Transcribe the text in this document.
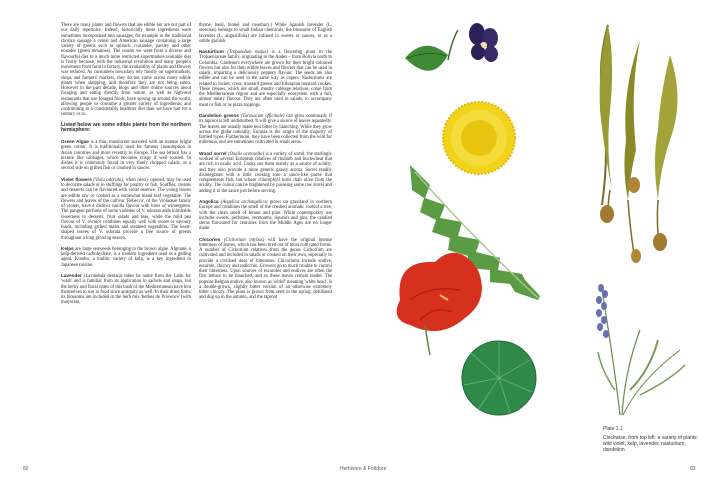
There are many plants and flowers that are edible but are not part of our daily repertoire. Indeed, historically these ingredients were sometimes incorporated into sausages, for example in the traditional chorizo sausage a cereal and American sausage containing a large variety of greens such as spinach, coriander, parsley and other nosodes (green tomatoes). The reason we went from a diverse and flavourful diet to a much more restricted supermarket-available diet is firstly because, with the industrial revolution and many people's movement from farm to factory, the availability of plants and flowers was reduced. As consumers nowadays rely mostly on supermarkets, shops and farmers' markets, they do not come across many edible plants when shopping, and therefore they are not being eaten. However in the past decade, blogs and other online sources about foraging and eating directly from nature, as well as high-end restaurants that use foraged foods, have sprung up around the world, allowing people to consume a greater variety of ingredients, and contributing to a considerably healthier diet than we have had for a century or so.

Listed below are some edible plants from the northern hemisphere:

Green Algae is a thin, translucent seaweed with an intense bright green colour. It is traditionally used for famous consumption in Asian countries and more recently in Europe. The sea lettuce has a texture like cabbages, which becomes crispy if well roasted. In dishes it is commonly found in very finely chopped salads, as a second side on grilled fish or crushed in sauces.

Violet flowers (Viola odorata), when newly opened, may be used to decorate salads or in stuffings for poultry or fish. Soufflés, creams and desserts can be flavoured with violet essence. The young leaves are edible raw or cooked as a somewhat bland leaf vegetable. The flowers and leaves of the cultivar 'Rebecca', of the Violaceae family of violets, have a distinct vanilla flavour with hints of wintergreen. The pungent perfume of some varieties of V. odorata adds inimitable sweetness to desserts, fruit salads and teas, while the mild pea flavour of V. tricolor combines equally well with sweet or savoury foods, including grilled meats and steamed vegetables. The heart-shaped leaves of V. odorata provide a free source of greens throughout a long growing season.

Kelps are large seaweeds belonging to the brown algae. Alginate, a kelp-derived carbohydrate, is a modern ingredient used as a gelling agent. Kombu, a traditic variety of kelp, is a key ingredient in Japanese cuisine.

Lavender (Lavandula dentata) takes its name from the Latin for 'wash' and is familiar from its application in sachets and soaps, but the herby and floral notes of this bush of the Mediterranean have lent themselves to use in food since antiquity as well. In their dried form, its blossoms are included in the herb mix 'herbes de Provence' (with marjoram,

thyme, basil, fennel and rosemary.) While Spanish lavender (L. stoechas) belongs to small Indian chemicals, the blossoms of English lavender (L. angustifolia) are infused in sweets or sauces, or as a subtle garnish.

Nasturtium (Tropaeolum majus) is a flowering plant in the Tropaeolaceae family, originating in the Andes – from Bolivia north to Colombia. Gardeners everywhere are grown for their bright coloured flowers but also for their edible leaves and flowers that can be used in salads, imparting a deliciously peppery flavour. The seeds are also edible and can be used in the same way as capers. Nasturtiums are related to rocket, cress, mustard greens and Ethiopian mustard cookes. These cresses, which are small, mostly cabbage relatives, come from the Mediterranean region and are especially ecosystem with a full, almost meaty flavour. They are often used in salads, to accompany meat or fish or as pizza toppings.

Dandelion greens (Taraxacum officinale) can grow continually if its taproot is left undisturbed. It will give a source of leaves repeatedly. The leaves are usually made less bitter by blanching. While they grow across the globe naturally, Eurasia is the origin of the majority of farmed types. Furthermore, they have been collected from the wild for millennia, and are sometimes cultivated in small areas.

Wood sorrel (Oxalis acetosella) is a variety of sorrel, the starlingly worked of several European relatives of rhubarb and buckwheat that are rich in oxalic acid. Cooks use them mainly as a source of acidity, and they also provide a more generic grassy aroma. Sorrel readily disintegrates with a little cooking into a sauce-like puree that complements fish, but whose chlorophyll turns drab olive from the acidity. The colour can be brightened by pureeing some raw sorrel and adding it to the sauce just before serving.

Angelica (Angelica archangelica) grows on grassland in northern Europe and combines the smell of the crushed aromatic rootsof a tree, with the clean smell of lemon and pine. While contemporary use includes sweets, perfumes, vermouths, liqueurs and gins, the candied stems flavoured for centuries from the Middle Ages are no longer made.

Chicories (Cichorium intybus) will have the original intense bitterness of leaves, which has been bred out of most cultivated forms. A number of Cichorium relatives from the genus Cichorium are cultivated and included in salads or cooked on their own, especially to provide a civilised dose of bitterness. Chicoriums include endive, escarole, chicory and radicchio. Growers go to much trouble to control their bitterness. Upon sources of escaroles and endives are often the first lettuce to be blanched, and so these leaves remain tender. The popular Belgian endive, also known as 'witlof' meaning 'white head', is a double-grown, slightly bitter version of an otherwise extremely bitter chicory. The plant is grown from seed in the spring, defoliated and dug up in the autumn, and the taproot

Plate 1.1
Clockwise, from top left: a variety of plants: wild violet, kelp, lavender, nasturtium, dandelion
82	Herbivore & Forkfore	83
